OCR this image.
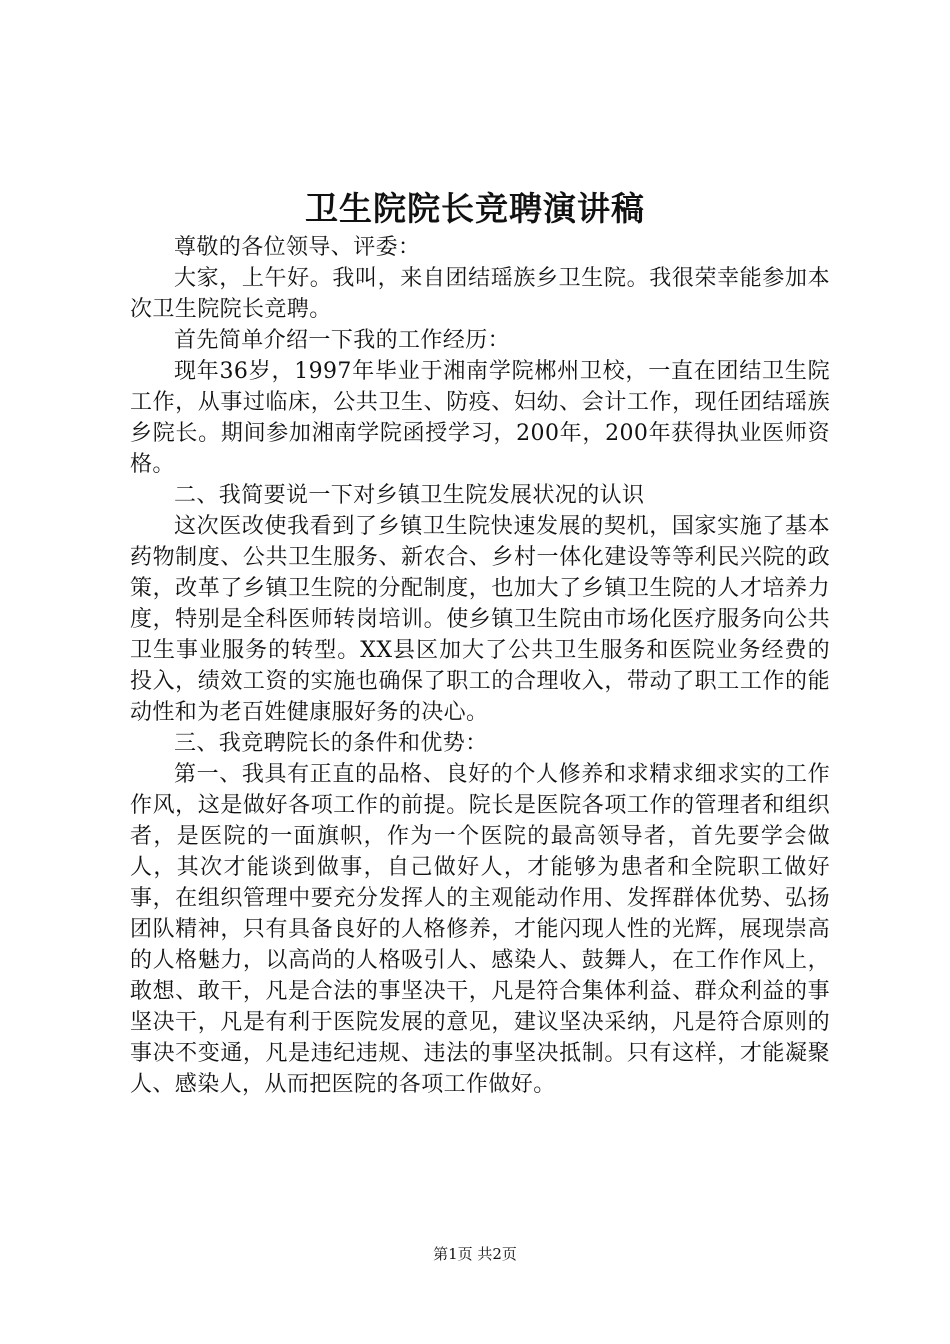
卫生院院长竞聘演讲稿

尊敬的各位领导、评委：

大家，上午好。我叫，来自团结瑶族乡卫生院。我很荣幸能参加本次卫生院院长竞聘。

首先简单介绍一下我的工作经历：

现年36岁，1997年毕业于湘南学院郴州卫校，一直在团结卫生院工作，从事过临床，公共卫生、防疫、妇幼、会计工作，现任团结瑶族乡院长。期间参加湘南学院函授学习，200年，200年获得执业医师资格。

二、我简要说一下对乡镇卫生院发展状况的认识

这次医改使我看到了乡镇卫生院快速发展的契机，国家实施了基本药物制度、公共卫生服务、新农合、乡村一体化建设等等利民兴院的政策，改革了乡镇卫生院的分配制度，也加大了乡镇卫生院的人才培养力度，特别是全科医师转岗培训。使乡镇卫生院由市场化医疗服务向公共卫生事业服务的转型。XX县区加大了公共卫生服务和医院业务经费的投入，绩效工资的实施也确保了职工的合理收入，带动了职工工作的能动性和为老百姓健康服好务的决心。

三、我竞聘院长的条件和优势：

第一、我具有正直的品格、良好的个人修养和求精求细求实的工作作风，这是做好各项工作的前提。院长是医院各项工作的管理者和组织者，是医院的一面旗帜，作为一个医院的最高领导者，首先要学会做人，其次才能谈到做事，自己做好人，才能够为患者和全院职工做好事，在组织管理中要充分发挥人的主观能动作用、发挥群体优势、弘扬团队精神，只有具备良好的人格修养，才能闪现人性的光辉，展现崇高的人格魅力，以高尚的人格吸引人、感染人、鼓舞人，在工作作风上，敢想、敢干，凡是合法的事坚决干，凡是符合集体利益、群众利益的事坚决干，凡是有利于医院发展的意见，建议坚决采纳，凡是符合原则的事决不变通，凡是违纪违规、违法的事坚决抵制。只有这样，才能凝聚人、感染人，从而把医院的各项工作做好。

第1页 共2页
